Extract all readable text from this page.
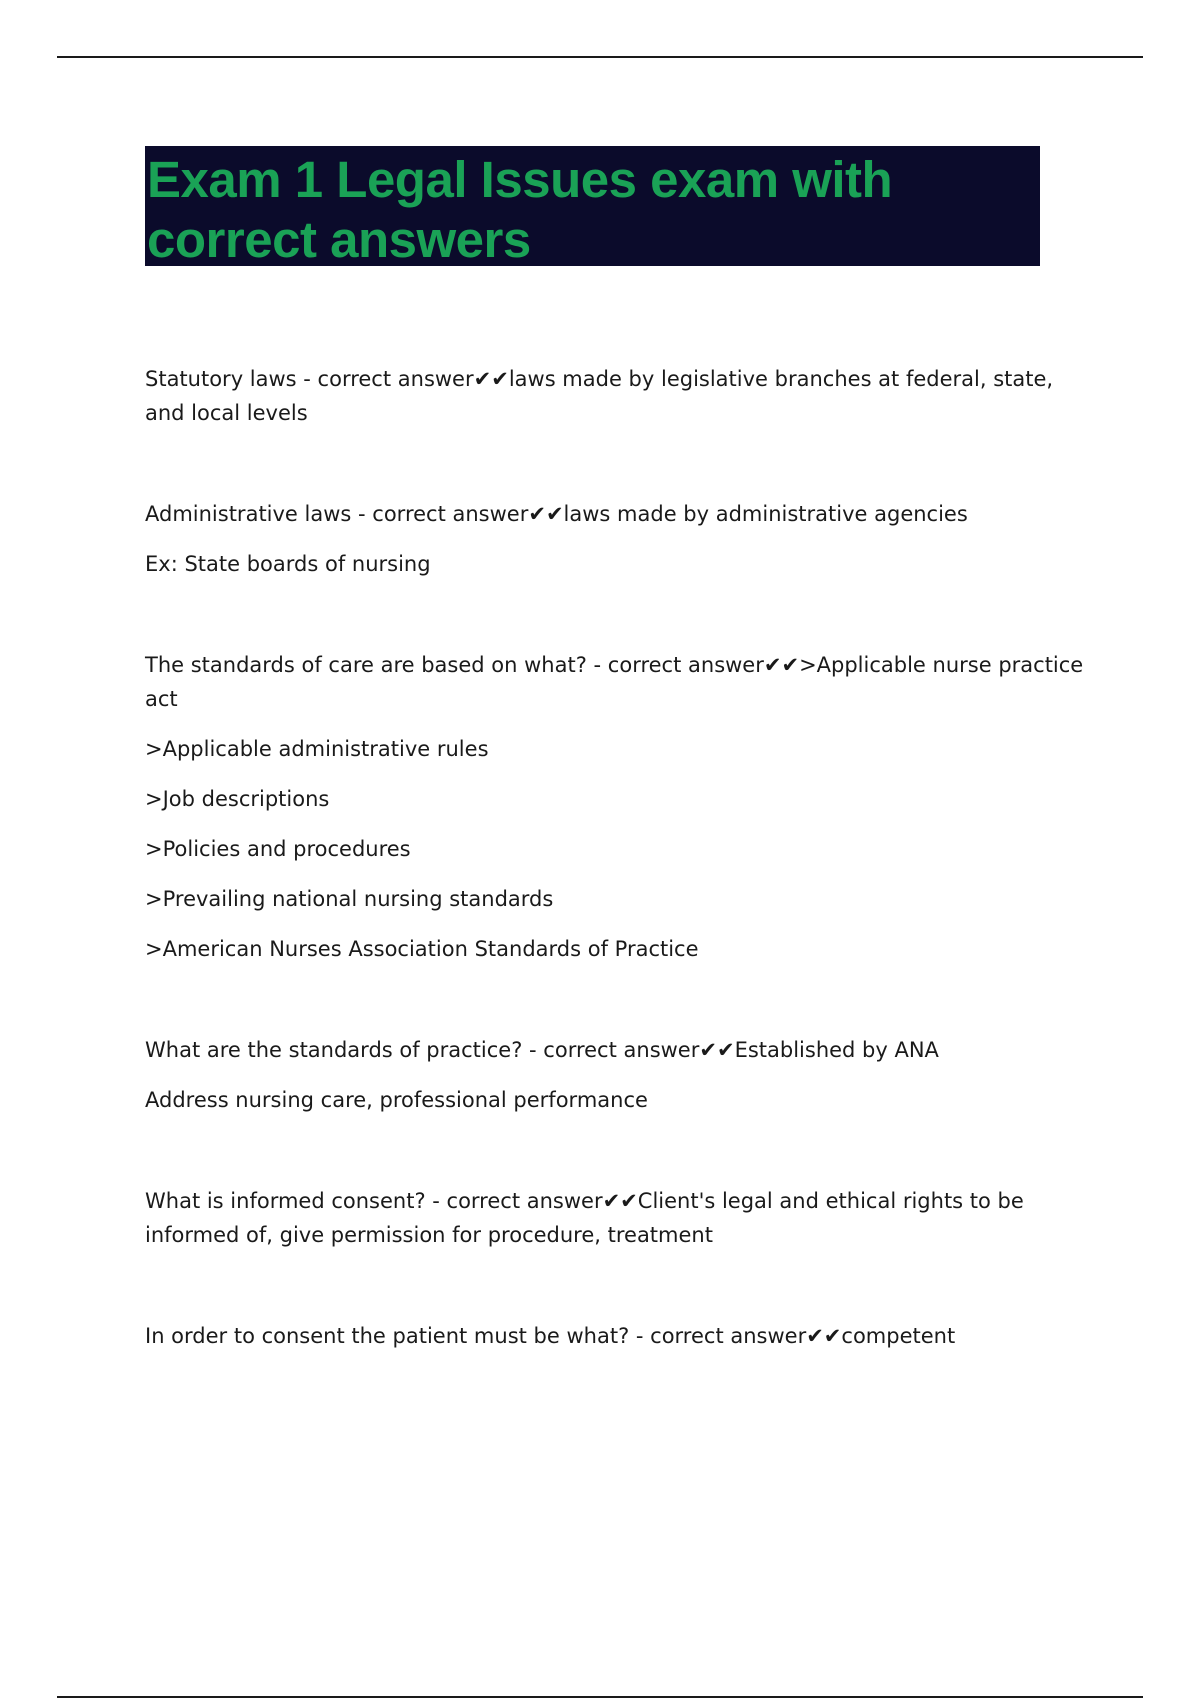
Exam 1 Legal Issues exam with correct answers

Statutory laws - correct answer✔✔laws made by legislative branches at federal, state, and local levels

Administrative laws - correct answer✔✔laws made by administrative agencies

Ex: State boards of nursing

The standards of care are based on what? - correct answer✔✔>Applicable nurse practice act

>Applicable administrative rules

>Job descriptions

>Policies and procedures

>Prevailing national nursing standards

>American Nurses Association Standards of Practice

What are the standards of practice? - correct answer✔✔Established by ANA

Address nursing care, professional performance

What is informed consent? - correct answer✔✔Client's legal and ethical rights to be informed of, give permission for procedure, treatment

In order to consent the patient must be what? - correct answer✔✔competent
